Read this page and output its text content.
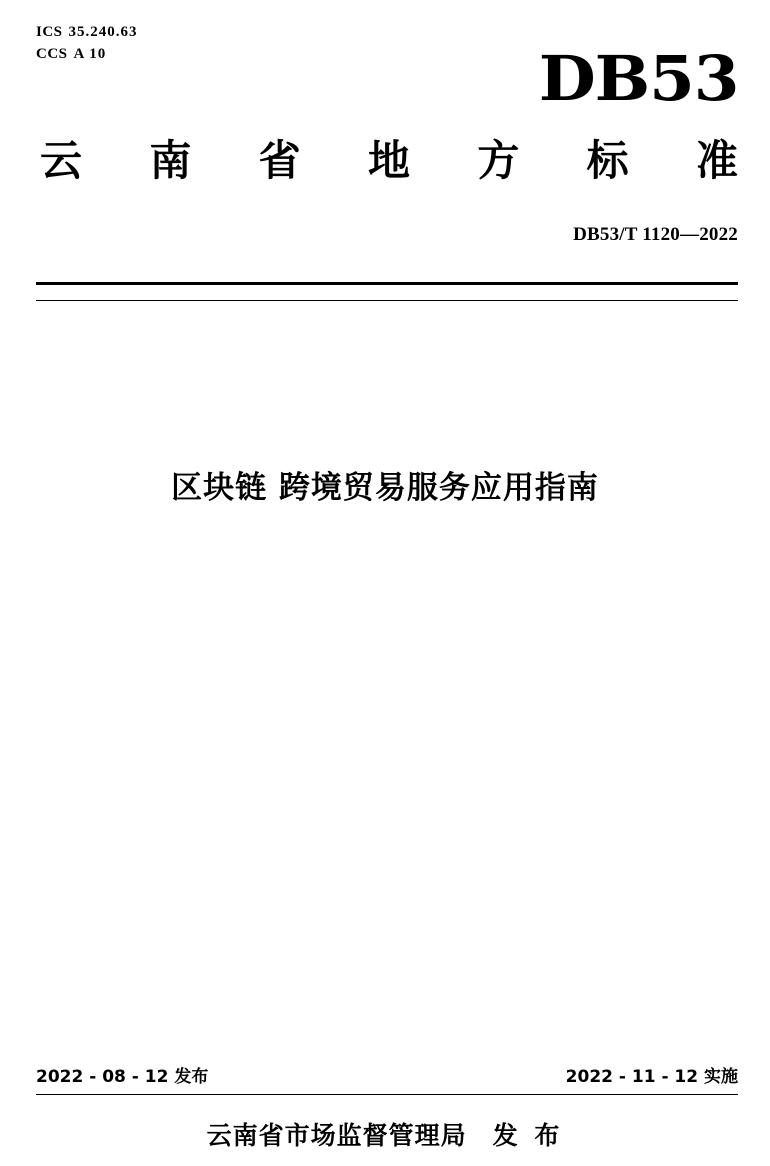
ICS 35.240.63
CCS A 10	DB53
云 南 省 地 方 标 准
DB53/T 1120—2022
区块链 跨境贸易服务应用指南
2022 - 08 - 12 发布	2022 - 11 - 12 实施
云南省市场监督管理局 发 布
